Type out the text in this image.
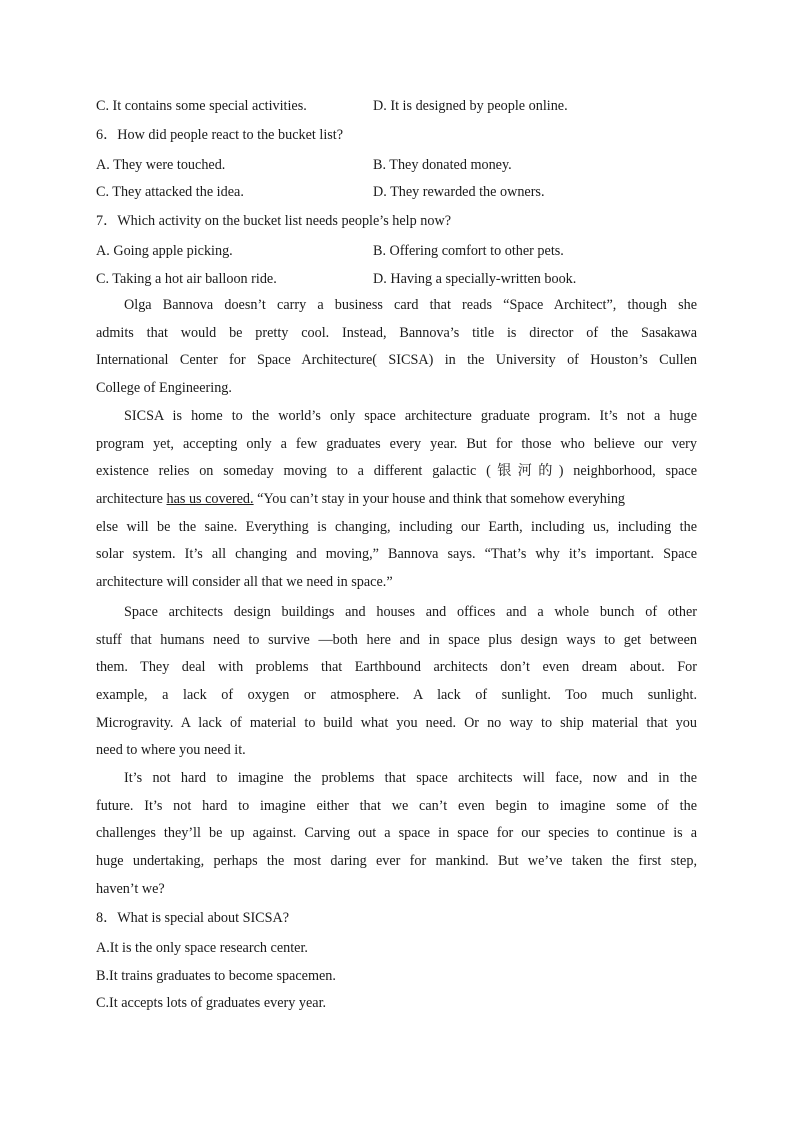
C. It contains some special activities.	D. It is designed by people online.
6．How did people react to the bucket list?
A. They were touched.	B. They donated money.
C. They attacked the idea.	D. They rewarded the owners.
7．Which activity on the bucket list needs people’s help now?
A. Going apple picking.	B. Offering comfort to other pets.
C. Taking a hot air balloon ride.	D. Having a specially-written book.
Olga Bannova doesn’t carry a business card that reads “Space Architect”, though she
admits that would be pretty cool. Instead, Bannova’s title is director of the Sasakawa
International Center for Space Architecture( SICSA) in the University of Houston’s Cullen
College of Engineering.
SICSA is home to the world’s only space architecture graduate program. It’s not a huge
program yet, accepting only a few graduates every year. But for those who believe our very
existence relies on someday moving to a different galactic (银河的) neighborhood, space
architecture has us covered. “You can’t stay in your house and think that somehow everyhing
else will be the saine. Everything is changing, including our Earth, including us, including the
solar system. It’s all changing and moving,” Bannova says. “That’s why it’s important. Space
architecture will consider all that we need in space.”
Space architects design buildings and houses and offices and a whole bunch of other
stuff that humans need to survive —both here and in space plus design ways to get between
them. They deal with problems that Earthbound architects don’t even dream about. For
example, a lack of oxygen or atmosphere. A lack of sunlight. Too much sunlight.
Microgravity. A lack of material to build what you need. Or no way to ship material that you
need to where you need it.
It’s not hard to imagine the problems that space architects will face, now and in the
future. It’s not hard to imagine either that we can’t even begin to imagine some of the
challenges they’ll be up against. Carving out a space in space for our species to continue is a
huge undertaking, perhaps the most daring ever for mankind. But we’ve taken the first step,
haven’t we?
8．What is special about SICSA?
A.It is the only space research center.
B.It trains graduates to become spacemen.
C.It accepts lots of graduates every year.
